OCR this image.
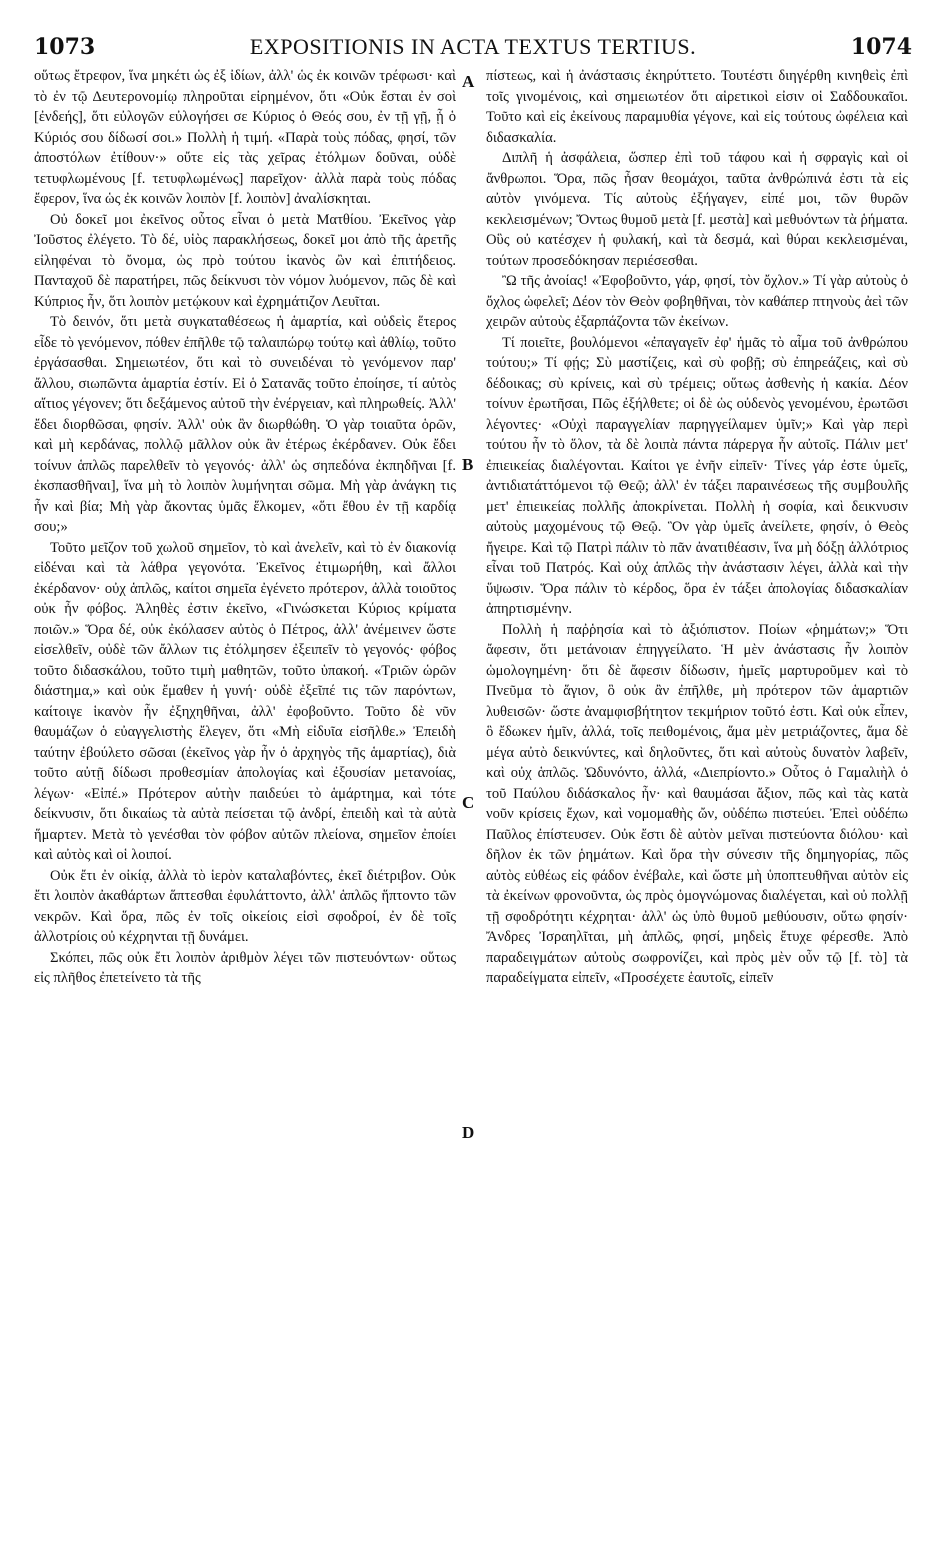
1073	EXPOSITIONIS IN ACTA TEXTUS TERTIUS.	1074

οὕτως ἔτρεφον, ἵνα μηκέτι ὡς ἐξ ἰδίων, ἀλλ' ὡς ἐκ κοινῶν τρέφωσι· καὶ τὸ ἐν τῷ Δευτερονομίῳ πληροῦται εἰρημένον, ὅτι «Οὐκ ἔσται ἐν σοὶ [ἐνδεής], ὅτι εὐλογῶν εὐλογήσει σε Κύριος ὁ Θεός σου, ἐν τῇ γῇ, ᾗ ὁ Κύριός σου δίδωσί σοι.» Πολλὴ ἡ τιμή. «Παρὰ τοὺς πόδας, φησί, τῶν ἀποστόλων ἐτίθουν·» οὔτε εἰς τὰς χεῖρας ἐτόλμων δοῦναι, οὐδὲ τετυφλωμένους [f. τετυφλωμένως] παρεῖχον· ἀλλὰ παρὰ τοὺς πόδας ἔφερον, ἵνα ὡς ἐκ κοινῶν λοιπὸν [f. λοιπὸν] ἀναλίσκηται.

Οὐ δοκεῖ μοι ἐκεῖνος οὗτος εἶναι ὁ μετὰ Ματθίου. Ἐκεῖνος γὰρ Ἰοῦστος ἐλέγετο. Τὸ δέ, υἱὸς παρακλήσεως, δοκεῖ μοι ἀπὸ τῆς ἀρετῆς εἰληφέναι τὸ ὄνομα, ὡς πρὸ τούτου ἱκανὸς ὢν καὶ ἐπιτήδειος. Πανταχοῦ δὲ παρατήρει, πῶς δείκνυσι τὸν νόμον λυόμενον, πῶς δὲ καὶ Κύπριος ἦν, ὅτι λοιπὸν μετῴκουν καὶ ἐχρημάτιζον Λευῖται.

Τὸ δεινόν, ὅτι μετὰ συγκαταθέσεως ἡ ἁμαρτία, καὶ οὐδεὶς ἕτερος εἶδε τὸ γενόμενον, πόθεν ἐπῆλθε τῷ ταλαιπώρῳ τούτῳ καὶ ἀθλίῳ, τοῦτο ἐργάσασθαι. Σημειωτέον, ὅτι καὶ τὸ συνειδέναι τὸ γενόμενον παρ' ἄλλου, σιωπῶντα ἁμαρτία ἐστίν. Εἰ ὁ Σατανᾶς τοῦτο ἐποίησε, τί αὐτὸς αἴτιος γέγονεν; ὅτι δεξάμενος αὐτοῦ τὴν ἐνέργειαν, καὶ πληρωθείς. Ἀλλ' ἔδει διορθῶσαι, φησίν. Ἀλλ' οὐκ ἂν διωρθώθη. Ὁ γὰρ τοιαῦτα ὁρῶν, καὶ μὴ κερδάνας, πολλῷ μᾶλλον οὐκ ἂν ἑτέρως ἐκέρδανεν. Οὐκ ἔδει τοίνυν ἁπλῶς παρελθεῖν τὸ γεγονός· ἀλλ' ὡς σηπεδόνα ἐκπηδῆναι [f. ἐκσπασθῆναι], ἵνα μὴ τὸ λοιπὸν λυμήνηται σῶμα. Μὴ γὰρ ἀνάγκη τις ἦν καὶ βία; Μὴ γὰρ ἄκοντας ὑμᾶς ἕλκομεν, «ὅτι ἔθου ἐν τῇ καρδίᾳ σου;»

Τοῦτο μεῖζον τοῦ χωλοῦ σημεῖον, τὸ καὶ ἀνελεῖν, καὶ τὸ ἐν διακονίᾳ εἰδέναι καὶ τὰ λάθρα γεγονότα. Ἐκεῖνος ἐτιμωρήθη, καὶ ἄλλοι ἐκέρδανον· οὐχ ἁπλῶς, καίτοι σημεῖα ἐγένετο πρότερον, ἀλλὰ τοιοῦτος οὐκ ἦν φόβος. Ἀληθὲς ἐστιν ἐκεῖνο, «Γινώσκεται Κύριος κρίματα ποιῶν.» Ὅρα δέ, οὐκ ἐκόλασεν αὐτὸς ὁ Πέτρος, ἀλλ' ἀνέμεινεν ὥστε εἰσελθεῖν, οὐδὲ τῶν ἄλλων τις ἐτόλμησεν ἐξειπεῖν τὸ γεγονός· φόβος τοῦτο διδασκάλου, τοῦτο τιμὴ μαθητῶν, τοῦτο ὑπακοή. «Τριῶν ὡρῶν διάστημα,» καὶ οὐκ ἔμαθεν ἡ γυνή· οὐδὲ ἐξεῖπέ τις τῶν παρόντων, καίτοιγε ἱκανὸν ἦν ἐξηχηθῆναι, ἀλλ' ἐφοβοῦντο. Τοῦτο δὲ νῦν θαυμάζων ὁ εὐαγγελιστὴς ἔλεγεν, ὅτι «Μὴ εἰδυῖα εἰσῆλθε.» Ἐπειδὴ ταύτην ἐβούλετο σῶσαι (ἐκεῖνος γὰρ ἦν ὁ ἀρχηγὸς τῆς ἁμαρτίας), διὰ τοῦτο αὐτῇ δίδωσι προθεσμίαν ἀπολογίας καὶ ἐξουσίαν μετανοίας, λέγων· «Εἰπέ.» Πρότερον αὐτὴν παιδεύει τὸ ἁμάρτημα, καὶ τότε δείκνυσιν, ὅτι δικαίως τὰ αὐτὰ πείσεται τῷ ἀνδρί, ἐπειδὴ καὶ τὰ αὐτὰ ἥμαρτεν. Μετὰ τὸ γενέσθαι τὸν φόβον αὐτῶν πλείονα, σημεῖον ἐποίει καὶ αὐτὸς καὶ οἱ λοιποί.

Οὐκ ἔτι ἐν οἰκίᾳ, ἀλλὰ τὸ ἱερὸν καταλαβόντες, ἐκεῖ διέτριβον. Οὐκ ἔτι λοιπὸν ἀκαθάρτων ἅπτεσθαι ἐφυλάττοντο, ἀλλ' ἁπλῶς ἥπτοντο τῶν νεκρῶν. Καὶ ὅρα, πῶς ἐν τοῖς οἰκείοις εἰσὶ σφοδροί, ἐν δὲ τοῖς ἀλλοτρίοις οὐ κέχρηνται τῇ δυνάμει.

Σκόπει, πῶς οὐκ ἔτι λοιπὸν ἀριθμὸν λέγει τῶν πιστευόντων· οὕτως εἰς πλῆθος ἐπετείνετο τὰ τῆς

A
B
C
D

πίστεως, καὶ ἡ ἀνάστασις ἐκηρύττετο. Τουτέστι διηγέρθη κινηθεὶς ἐπὶ τοῖς γινομένοις, καὶ σημειωτέον ὅτι αἱρετικοὶ εἰσιν οἱ Σαδδουκαῖοι. Τοῦτο καὶ εἰς ἐκείνους παραμυθία γέγονε, καὶ εἰς τούτους ὠφέλεια καὶ διδασκαλία.

Διπλῆ ἡ ἀσφάλεια, ὥσπερ ἐπὶ τοῦ τάφου καὶ ἡ σφραγὶς καὶ οἱ ἄνθρωποι. Ὅρα, πῶς ἦσαν θεομάχοι, ταῦτα ἀνθρώπινά ἐστι τὰ εἰς αὐτὸν γινόμενα. Τίς αὐτοὺς ἐξήγαγεν, εἰπέ μοι, τῶν θυρῶν κεκλεισμένων; Ὄντως θυμοῦ μετὰ [f. μεστὰ] καὶ μεθυόντων τὰ ῥήματα. Οὓς οὐ κατέσχεν ἡ φυλακή, καὶ τὰ δεσμά, καὶ θύραι κεκλεισμέναι, τούτων προσεδόκησαν περιέσεσθαι.

Ὢ τῆς ἀνοίας! «Ἐφοβοῦντο, γάρ, φησί, τὸν ὄχλον.» Τί γὰρ αὐτοὺς ὁ ὄχλος ὠφελεῖ; Δέον τὸν Θεὸν φοβηθῆναι, τὸν καθάπερ πτηνοὺς ἀεὶ τῶν χειρῶν αὐτοὺς ἐξαρπάζοντα τῶν ἐκείνων.

Τί ποιεῖτε, βουλόμενοι «ἐπαγαγεῖν ἐφ' ἡμᾶς τὸ αἷμα τοῦ ἀνθρώπου τούτου;» Τί φῄς; Σὺ μαστίζεις, καὶ σὺ φοβῇ; σὺ ἐπηρεάζεις, καὶ σὺ δέδοικας; σὺ κρίνεις, καὶ σὺ τρέμεις; οὕτως ἀσθενὴς ἡ κακία. Δέον τοίνυν ἐρωτῆσαι, Πῶς ἐξήλθετε; οἱ δὲ ὡς οὐδενὸς γενομένου, ἐρωτῶσι λέγοντες· «Οὐχὶ παραγγελίαν παρηγγείλαμεν ὑμῖν;» Καὶ γὰρ περὶ τούτου ἦν τὸ ὅλον, τὰ δὲ λοιπὰ πάντα πάρεργα ἦν αὐτοῖς. Πάλιν μετ' ἐπιεικείας διαλέγονται. Καίτοι γε ἐνῆν εἰπεῖν· Τίνες γάρ ἐστε ὑμεῖς, ἀντιδιατάττόμενοι τῷ Θεῷ; ἀλλ' ἐν τάξει παραινέσεως τῆς συμβουλῆς μετ' ἐπιεικείας πολλῆς ἀποκρίνεται. Πολλὴ ἡ σοφία, καὶ δεικνυσιν αὐτοὺς μαχομένους τῷ Θεῷ. Ὃν γὰρ ὑμεῖς ἀνείλετε, φησίν, ὁ Θεὸς ἤγειρε. Καὶ τῷ Πατρὶ πάλιν τὸ πᾶν ἀνατιθέασιν, ἵνα μὴ δόξῃ ἀλλότριος εἶναι τοῦ Πατρός. Καὶ οὐχ ἁπλῶς τὴν ἀνάστασιν λέγει, ἀλλὰ καὶ τὴν ὕψωσιν. Ὅρα πάλιν τὸ κέρδος, ὅρα ἐν τάξει ἀπολογίας διδασκαλίαν ἀπηρτισμένην.

Πολλὴ ἡ παῤῥησία καὶ τὸ ἀξιόπιστον. Ποίων «ῥημάτων;» Ὅτι ἄφεσιν, ὅτι μετάνοιαν ἐπηγγείλατο. Ἡ μὲν ἀνάστασις ἦν λοιπὸν ὡμολογημένη· ὅτι δὲ ἄφεσιν δίδωσιν, ἡμεῖς μαρτυροῦμεν καὶ τὸ Πνεῦμα τὸ ἅγιον, ὃ οὐκ ἂν ἐπῆλθε, μὴ πρότερον τῶν ἁμαρτιῶν λυθεισῶν· ὥστε ἀναμφισβήτητον τεκμήριον τοῦτό ἐστι. Καὶ οὐκ εἶπεν, ὃ ἔδωκεν ἡμῖν, ἀλλά, τοῖς πειθομένοις, ἅμα μὲν μετριάζοντες, ἅμα δὲ μέγα αὐτὸ δεικνύντες, καὶ δηλοῦντες, ὅτι καὶ αὐτοὺς δυνατὸν λαβεῖν, καὶ οὐχ ἁπλῶς. Ὠδυνόντο, ἀλλά, «Διεπρίοντο.» Οὗτος ὁ Γαμαλιὴλ ὁ τοῦ Παύλου διδάσκαλος ἦν· καὶ θαυμάσαι ἄξιον, πῶς καὶ τὰς κατὰ νοῦν κρίσεις ἔχων, καὶ νομομαθὴς ὤν, οὐδέπω πιστεύει. Ἐπεὶ οὐδέπω Παῦλος ἐπίστευσεν. Οὐκ ἔστι δὲ αὐτὸν μεῖναι πιστεύοντα διόλου· καὶ δῆλον ἐκ τῶν ῥημάτων. Καὶ ὅρα τὴν σύνεσιν τῆς δημηγορίας, πῶς αὐτὸς εὐθέως εἰς φάδον ἐνέβαλε, καὶ ὥστε μὴ ὑποπτευθῆναι αὐτὸν εἰς τὰ ἐκείνων φρονοῦντα, ὡς πρὸς ὁμογνώμονας διαλέγεται, καὶ οὐ πολλῇ τῇ σφοδρότητι κέχρηται· ἀλλ' ὡς ὑπὸ θυμοῦ μεθύουσιν, οὕτω φησίν· Ἄνδρες Ἰσραηλῖται, μὴ ἁπλῶς, φησί, μηδεὶς ἔτυχε φέρεσθε. Ἀπὸ παραδειγμάτων αὐτοὺς σωφρονίζει, καὶ πρὸς μὲν οὖν τῷ [f. τὸ] τὰ παραδείγματα εἰπεῖν, «Προσέχετε ἑαυτοῖς, εἰπεῖν
